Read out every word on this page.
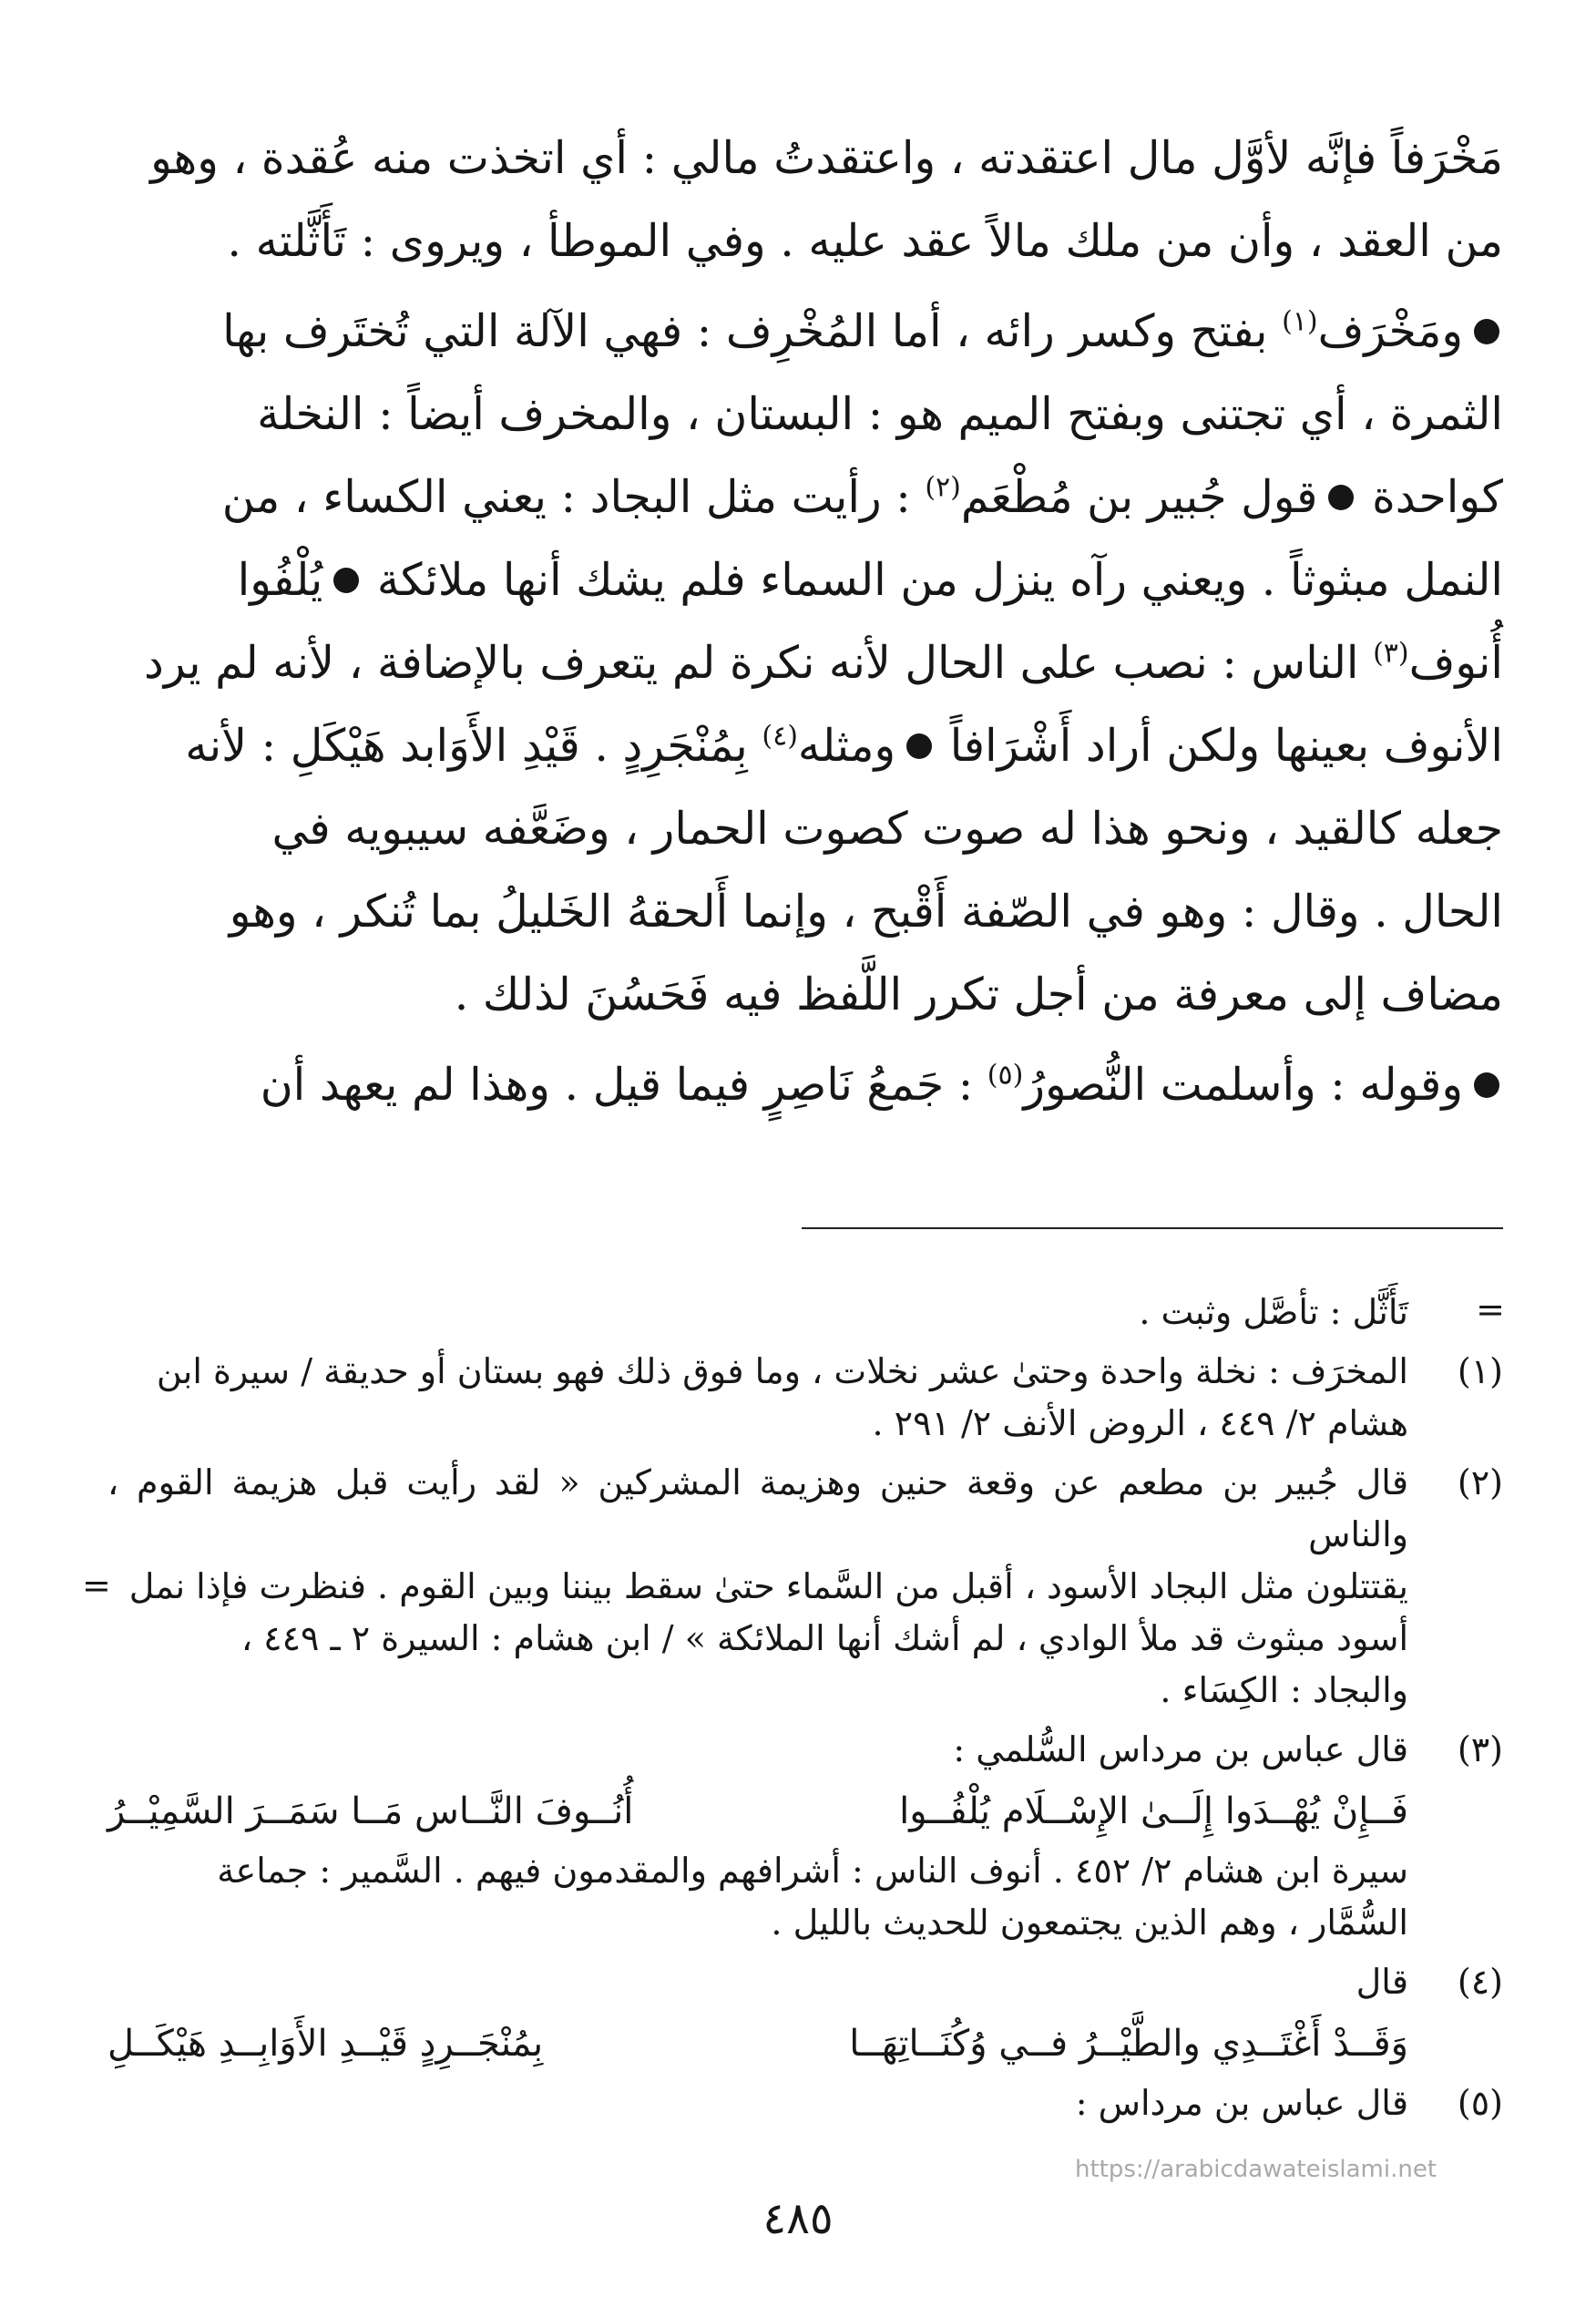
مَخْرَفاً فإنَّه لأوَّل مال اعتقدته ، واعتقدتُ مالي : أي اتخذت منه عُقدة ، وهو

من العقد ، وأن من ملك مالاً عقد عليه . وفي الموطأ ، ويروى : تَأَثَّلته .

ومَخْرَف$^{(١)}$ بفتح وكسر رائه ، أما المُخْرِف : فهي الآلة التي تُختَرف بها

الثمرة ، أي تجتنى وبفتح الميم هو : البستان ، والمخرف أيضاً : النخلة

كواحدة قول جُبير بن مُطْعَم$^{(٢)}$ : رأيت مثل البجاد : يعني الكساء ، من

النمل مبثوثاً . ويعني رآه ينزل من السماء فلم يشك أنها ملائكة يُلْفُوا

أُنوف$^{(٣)}$ الناس : نصب على الحال لأنه نكرة لم يتعرف بالإضافة ، لأنه لم يرد

الأنوف بعينها ولكن أراد أَشْرَافاً ومثله$^{(٤)}$ بِمُنْجَرِدٍ . قَيْدِ الأَوَابد هَيْكَلِ : لأنه

جعله كالقيد ، ونحو هذا له صوت كصوت الحمار ، وضَعَّفه سيبويه في

الحال . وقال : وهو في الصّفة أَقْبح ، وإنما أَلحقهُ الخَليلُ بما تُنكر ، وهو

مضاف إلى معرفة من أجل تكرر اللَّفظ فيه فَحَسُنَ لذلك .

وقوله : وأسلمت النُّصورُ$^{(٥)}$ : جَمعُ نَاصِرٍ فيما قيل . وهذا لم يعهد أن

=
تَأَثَّل : تأصَّل وثبت .
(١)
المخرَف : نخلة واحدة وحتىٰ عشر نخلات ، وما فوق ذلك فهو بستان أو حديقة / سيرة ابن
هشام ٢/ ٤٤٩ ، الروض الأنف ٢/ ٢٩١ .
(٢)
قال جُبير بن مطعم عن وقعة حنين وهزيمة المشركين « لقد رأيت قبل هزيمة القوم ، والناس
يقتتلون مثل البجاد الأسود ، أقبل من السَّماء حتىٰ سقط بيننا وبين القوم . فنظرت فإذا نمل
أسود مبثوث قد ملأ الوادي ، لم أشك أنها الملائكة » / ابن هشام : السيرة ٢ ـ ٤٤٩ ،
والبجاد : الكِسَاء .
(٣)
قال عباس بن مرداس السُّلمي :
فَــإِنْ يُهْــدَوا إِلَــىٰ الإِسْــلَام يُلْفُــوا
أُنُــوفَ النَّــاس مَــا سَمَــرَ السَّمِيْــرُ
سيرة ابن هشام ٢/ ٤٥٢ . أنوف الناس : أشرافهم والمقدمون فيهم . السَّمير : جماعة
السُّمَّار ، وهم الذين يجتمعون للحديث بالليل .
(٤)
قال
وَقَــدْ أَغْتَــدِي والطَّيْــرُ فــي وُكُنَــاتِهَــا
بِمُنْجَــرِدٍ قَيْــدِ الأَوَابِــدِ هَيْكَــلِ
(٥)
قال عباس بن مرداس :
=
https://arabicdawateislami.net
٤٨٥
